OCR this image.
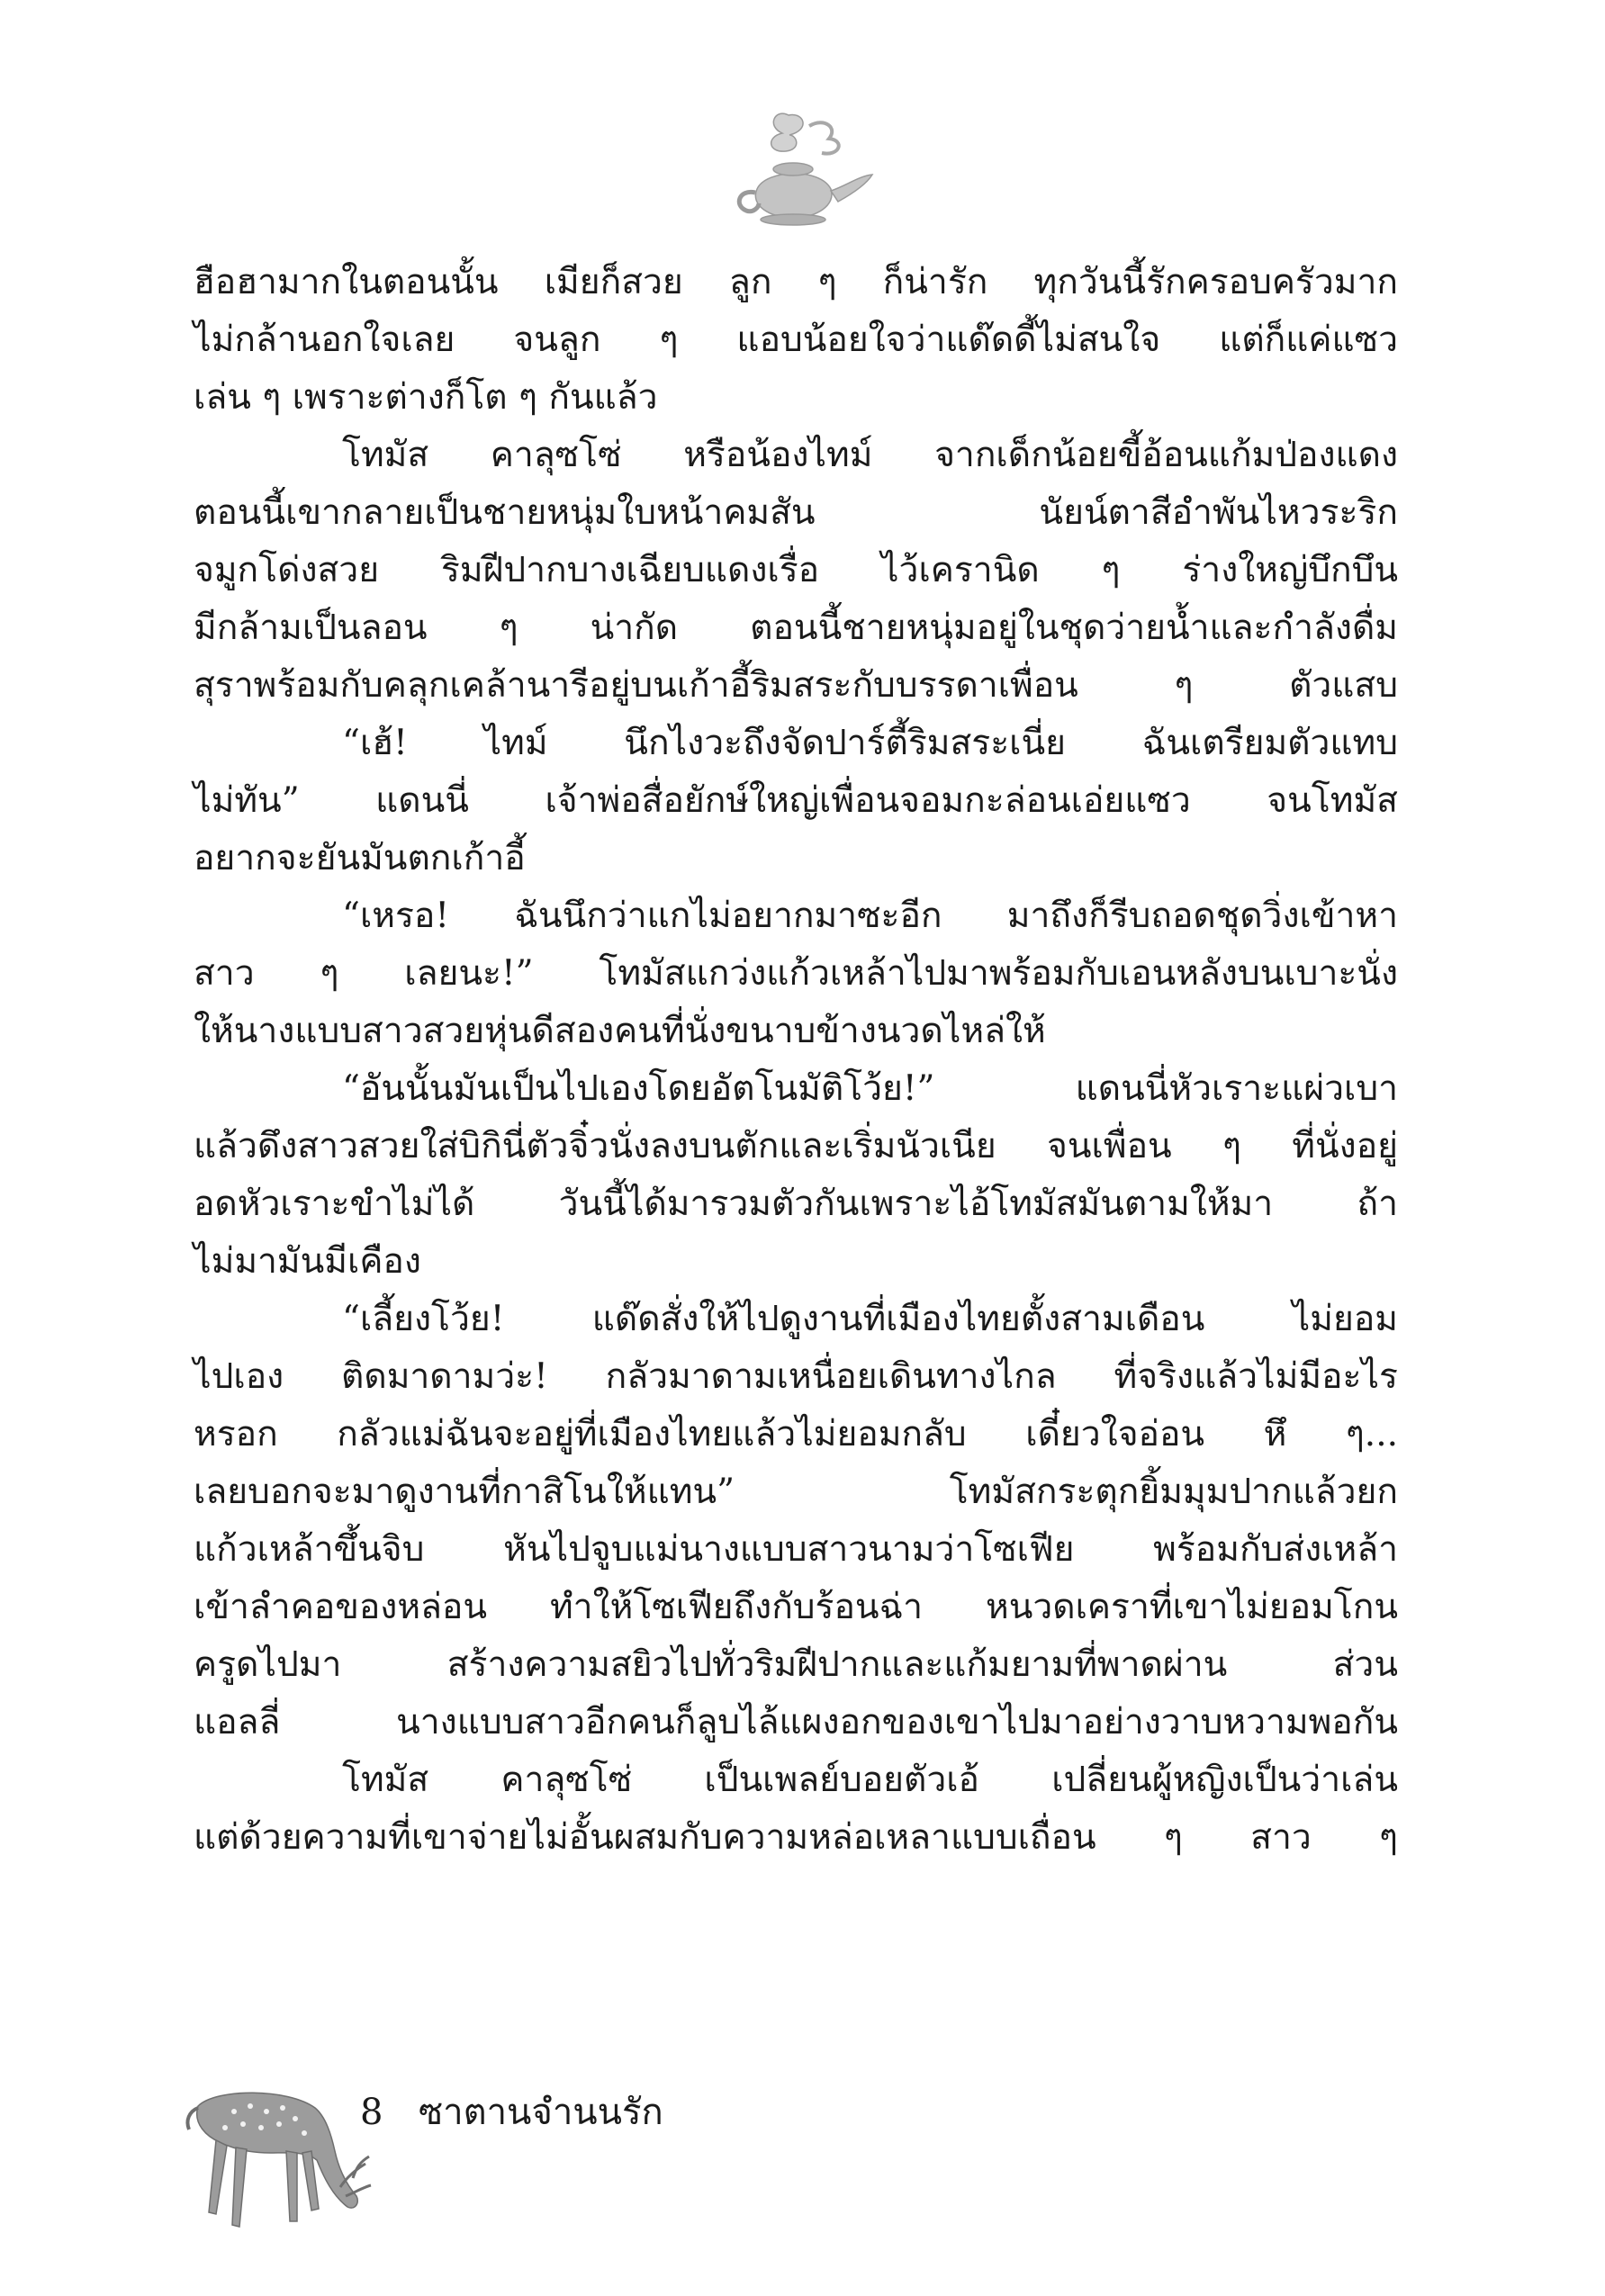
ฮือฮามากในตอนนั้น เมียก็สวย ลูก ๆ ก็น่ารัก ทุกวันนี้รักครอบครัวมาก
ไม่กล้านอกใจเลย จนลูก ๆ แอบน้อยใจว่าแด๊ดดี้ไม่สนใจ แต่ก็แค่แซว
เล่น ๆ เพราะต่างก็โต ๆ กันแล้ว
โทมัส คาลุซโซ่ หรือน้องไทม์ จากเด็กน้อยขี้อ้อนแก้มป่องแดง
ตอนนี้เขากลายเป็นชายหนุ่มใบหน้าคมสัน นัยน์ตาสีอำพันไหวระริก
จมูกโด่งสวย ริมฝีปากบางเฉียบแดงเรื่อ ไว้เครานิด ๆ ร่างใหญ่บึกบึน
มีกล้ามเป็นลอน ๆ น่ากัด ตอนนี้ชายหนุ่มอยู่ในชุดว่ายน้ำและกำลังดื่ม
สุราพร้อมกับคลุกเคล้านารีอยู่บนเก้าอี้ริมสระกับบรรดาเพื่อน ๆ ตัวแสบ
“เฮ้! ไทม์ นึกไงวะถึงจัดปาร์ตี้ริมสระเนี่ย ฉันเตรียมตัวแทบ
ไม่ทัน” แดนนี่ เจ้าพ่อสื่อยักษ์ใหญ่เพื่อนจอมกะล่อนเอ่ยแซว จนโทมัส
อยากจะยันมันตกเก้าอี้
“เหรอ! ฉันนึกว่าแกไม่อยากมาซะอีก มาถึงก็รีบถอดชุดวิ่งเข้าหา
สาว ๆ เลยนะ!” โทมัสแกว่งแก้วเหล้าไปมาพร้อมกับเอนหลังบนเบาะนั่ง
ให้นางแบบสาวสวยหุ่นดีสองคนที่นั่งขนาบข้างนวดไหล่ให้
“อันนั้นมันเป็นไปเองโดยอัตโนมัติโว้ย!” แดนนี่หัวเราะแผ่วเบา
แล้วดึงสาวสวยใส่บิกินี่ตัวจิ๋วนั่งลงบนตักและเริ่มนัวเนีย จนเพื่อน ๆ ที่นั่งอยู่
อดหัวเราะขำไม่ได้ วันนี้ได้มารวมตัวกันเพราะไอ้โทมัสมันตามให้มา ถ้า
ไม่มามันมีเคือง
“เลี้ยงโว้ย! แด๊ดสั่งให้ไปดูงานที่เมืองไทยตั้งสามเดือน ไม่ยอม
ไปเอง ติดมาดามว่ะ! กลัวมาดามเหนื่อยเดินทางไกล ที่จริงแล้วไม่มีอะไร
หรอก กลัวแม่ฉันจะอยู่ที่เมืองไทยแล้วไม่ยอมกลับ เดี๋ยวใจอ่อน หึ ๆ...
เลยบอกจะมาดูงานที่กาสิโนให้แทน” โทมัสกระตุกยิ้มมุมปากแล้วยก
แก้วเหล้าขึ้นจิบ หันไปจูบแม่นางแบบสาวนามว่าโซเฟีย พร้อมกับส่งเหล้า
เข้าลำคอของหล่อน ทำให้โซเฟียถึงกับร้อนฉ่า หนวดเคราที่เขาไม่ยอมโกน
ครูดไปมา สร้างความสยิวไปทั่วริมฝีปากและแก้มยามที่พาดผ่าน ส่วน
แอลลี่ นางแบบสาวอีกคนก็ลูบไล้แผงอกของเขาไปมาอย่างวาบหวามพอกัน
โทมัส คาลุซโซ่ เป็นเพลย์บอยตัวเอ้ เปลี่ยนผู้หญิงเป็นว่าเล่น
แต่ด้วยความที่เขาจ่ายไม่อั้นผสมกับความหล่อเหลาแบบเถื่อน ๆ สาว ๆ
8 ซาตานจำนนรัก
